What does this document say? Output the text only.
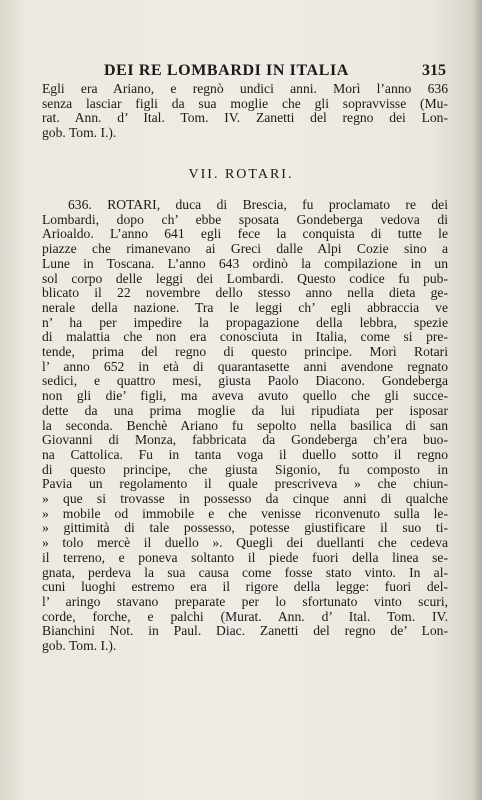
DEI RE LOMBARDI IN ITALIA	315
Egli era Ariano, e regnò undici anni. Morì l’anno 636
senza lasciar figli da sua moglie che gli sopravvisse (Mu-
rat. Ann. d’ Ital. Tom. IV. Zanetti del regno dei Lon-
gob. Tom. I.).
VII. ROTARI.
636. ROTARI, duca di Brescia, fu proclamato re dei
Lombardi, dopo ch’ ebbe sposata Gondeberga vedova di
Arioaldo. L’anno 641 egli fece la conquista di tutte le
piazze che rimanevano ai Greci dalle Alpi Cozie sino a
Lune in Toscana. L’anno 643 ordinò la compilazione in un
sol corpo delle leggi dei Lombardi. Questo codice fu pub-
blicato il 22 novembre dello stesso anno nella dieta ge-
nerale della nazione. Tra le leggi ch’ egli abbraccia ve
n’ ha per impedire la propagazione della lebbra, spezie
di malattia che non era conosciuta in Italia, come si pre-
tende, prima del regno di questo principe. Morì Rotari
l’ anno 652 in età di quarantasette anni avendone regnato
sedici, e quattro mesi, giusta Paolo Diacono. Gondeberga
non gli die’ figli, ma aveva avuto quello che gli succe-
dette da una prima moglie da lui ripudiata per isposar
la seconda. Benchè Ariano fu sepolto nella basilica di san
Giovanni di Monza, fabbricata da Gondeberga ch’era buo-
na Cattolica. Fu in tanta voga il duello sotto il regno
di questo principe, che giusta Sigonio, fu composto in
Pavia un regolamento il quale prescriveva » che chiun-
» que si trovasse in possesso da cinque anni di qualche
» mobile od immobile e che venisse riconvenuto sulla le-
» gittimità di tale possesso, potesse giustificare il suo ti-
» tolo mercè il duello ». Quegli dei duellanti che cedeva
il terreno, e poneva soltanto il piede fuori della linea se-
gnata, perdeva la sua causa come fosse stato vinto. In al-
cuni luoghi estremo era il rigore della legge: fuori del-
l’ aringo stavano preparate per lo sfortunato vinto scuri,
corde, forche, e palchi (Murat. Ann. d’ Ital. Tom. IV.
Bianchini Not. in Paul. Diac. Zanetti del regno de’ Lon-
gob. Tom. I.).
